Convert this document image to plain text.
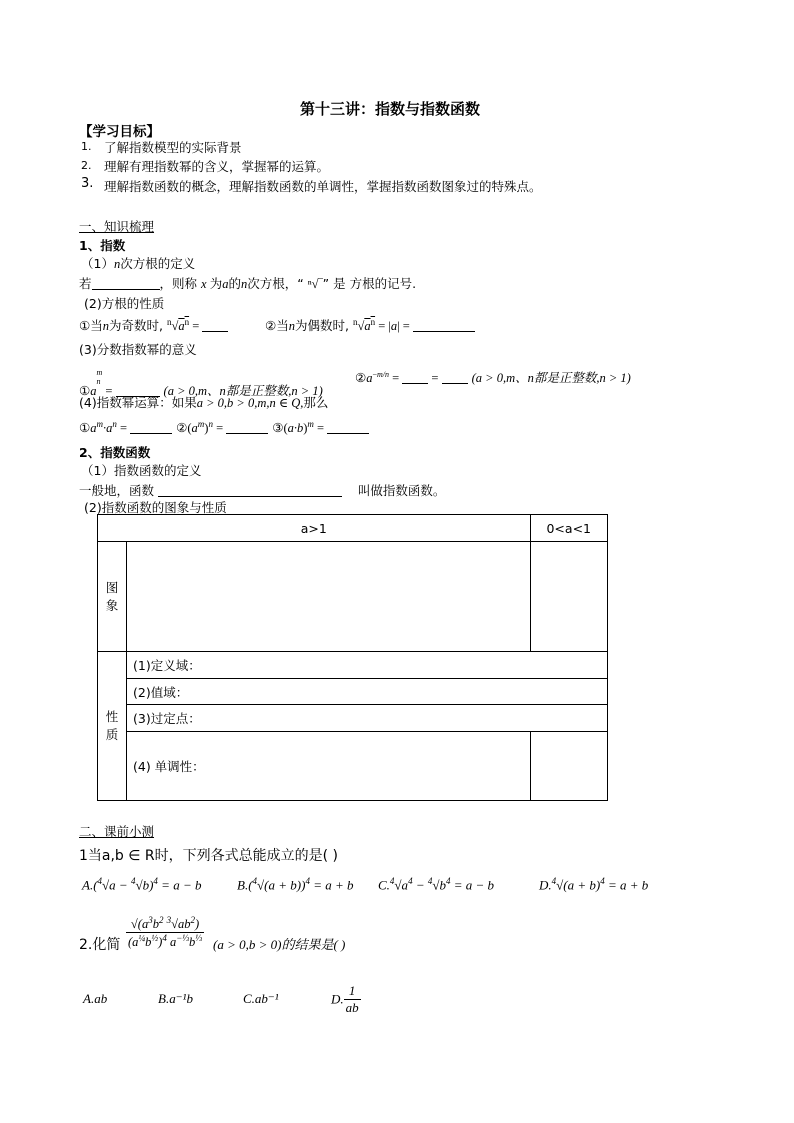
第十三讲：指数与指数函数
【学习目标】
1. 了解指数模型的实际背景
2. 理解有理指数幂的含义，掌握幂的运算。
3. 理解指数函数的概念，理解指数函数的单调性，掌握指数函数图象过的特殊点。
一、知识梳理
1、指数
（1）n次方根的定义
若	，则称 x 为a的n次方根，“ ⁿ√‾” 是 方根的记号.
(2)方根的性质
①当n为奇数时, $^n√a^n$ =	②当n为偶数时, $^n√a^n = |a|$ =
(3)分数指数幂的意义
$①a^{m n}$ =	(a > 0,m、n都是正整数,n > 1)
$②a^{-m/n}$ =  =  (a > 0,m、n都是正整数,n > 1)
(4)指数幂运算：如果a > 0,b > 0,m,n ∈ Q,那么
$①a^m\cdot a^n$ =	$②(a^m)^n$ =	$③(a\cdot b)^m$ =
2、指数函数
（1）指数函数的定义
一般地，函数	叫做指数函数。
(2)指数函数的图象与性质
a>1		0<a<1
图
象		
性
质	(1)定义域：	
	(2)值域：	
	(3)过定点：	
	(4) 单调性：	
二、课前小测
1当a,b ∈ R时，下列各式总能成立的是( )
$A.(^4√a - ^4√b)^4 = a - b$	$B.(^4√(a + b))^4 = a + b$ $C.^4√a^4 - ^4√b^4 = a - b$	$D.^4√(a + b)^4 = a + b$
2.化简 $\frac{√(a^3b^2 ^3√ab^2)}{(a^{\frac{1}{4}}b^{\frac{1}{2}})^4 a^{-\frac{1}{3}}b^{\frac{1}{3}}} (a > 0,b > 0)$的结果是( )
A.ab	B.a⁻¹b	C.ab⁻¹	D. $\frac{1}{ab}$
